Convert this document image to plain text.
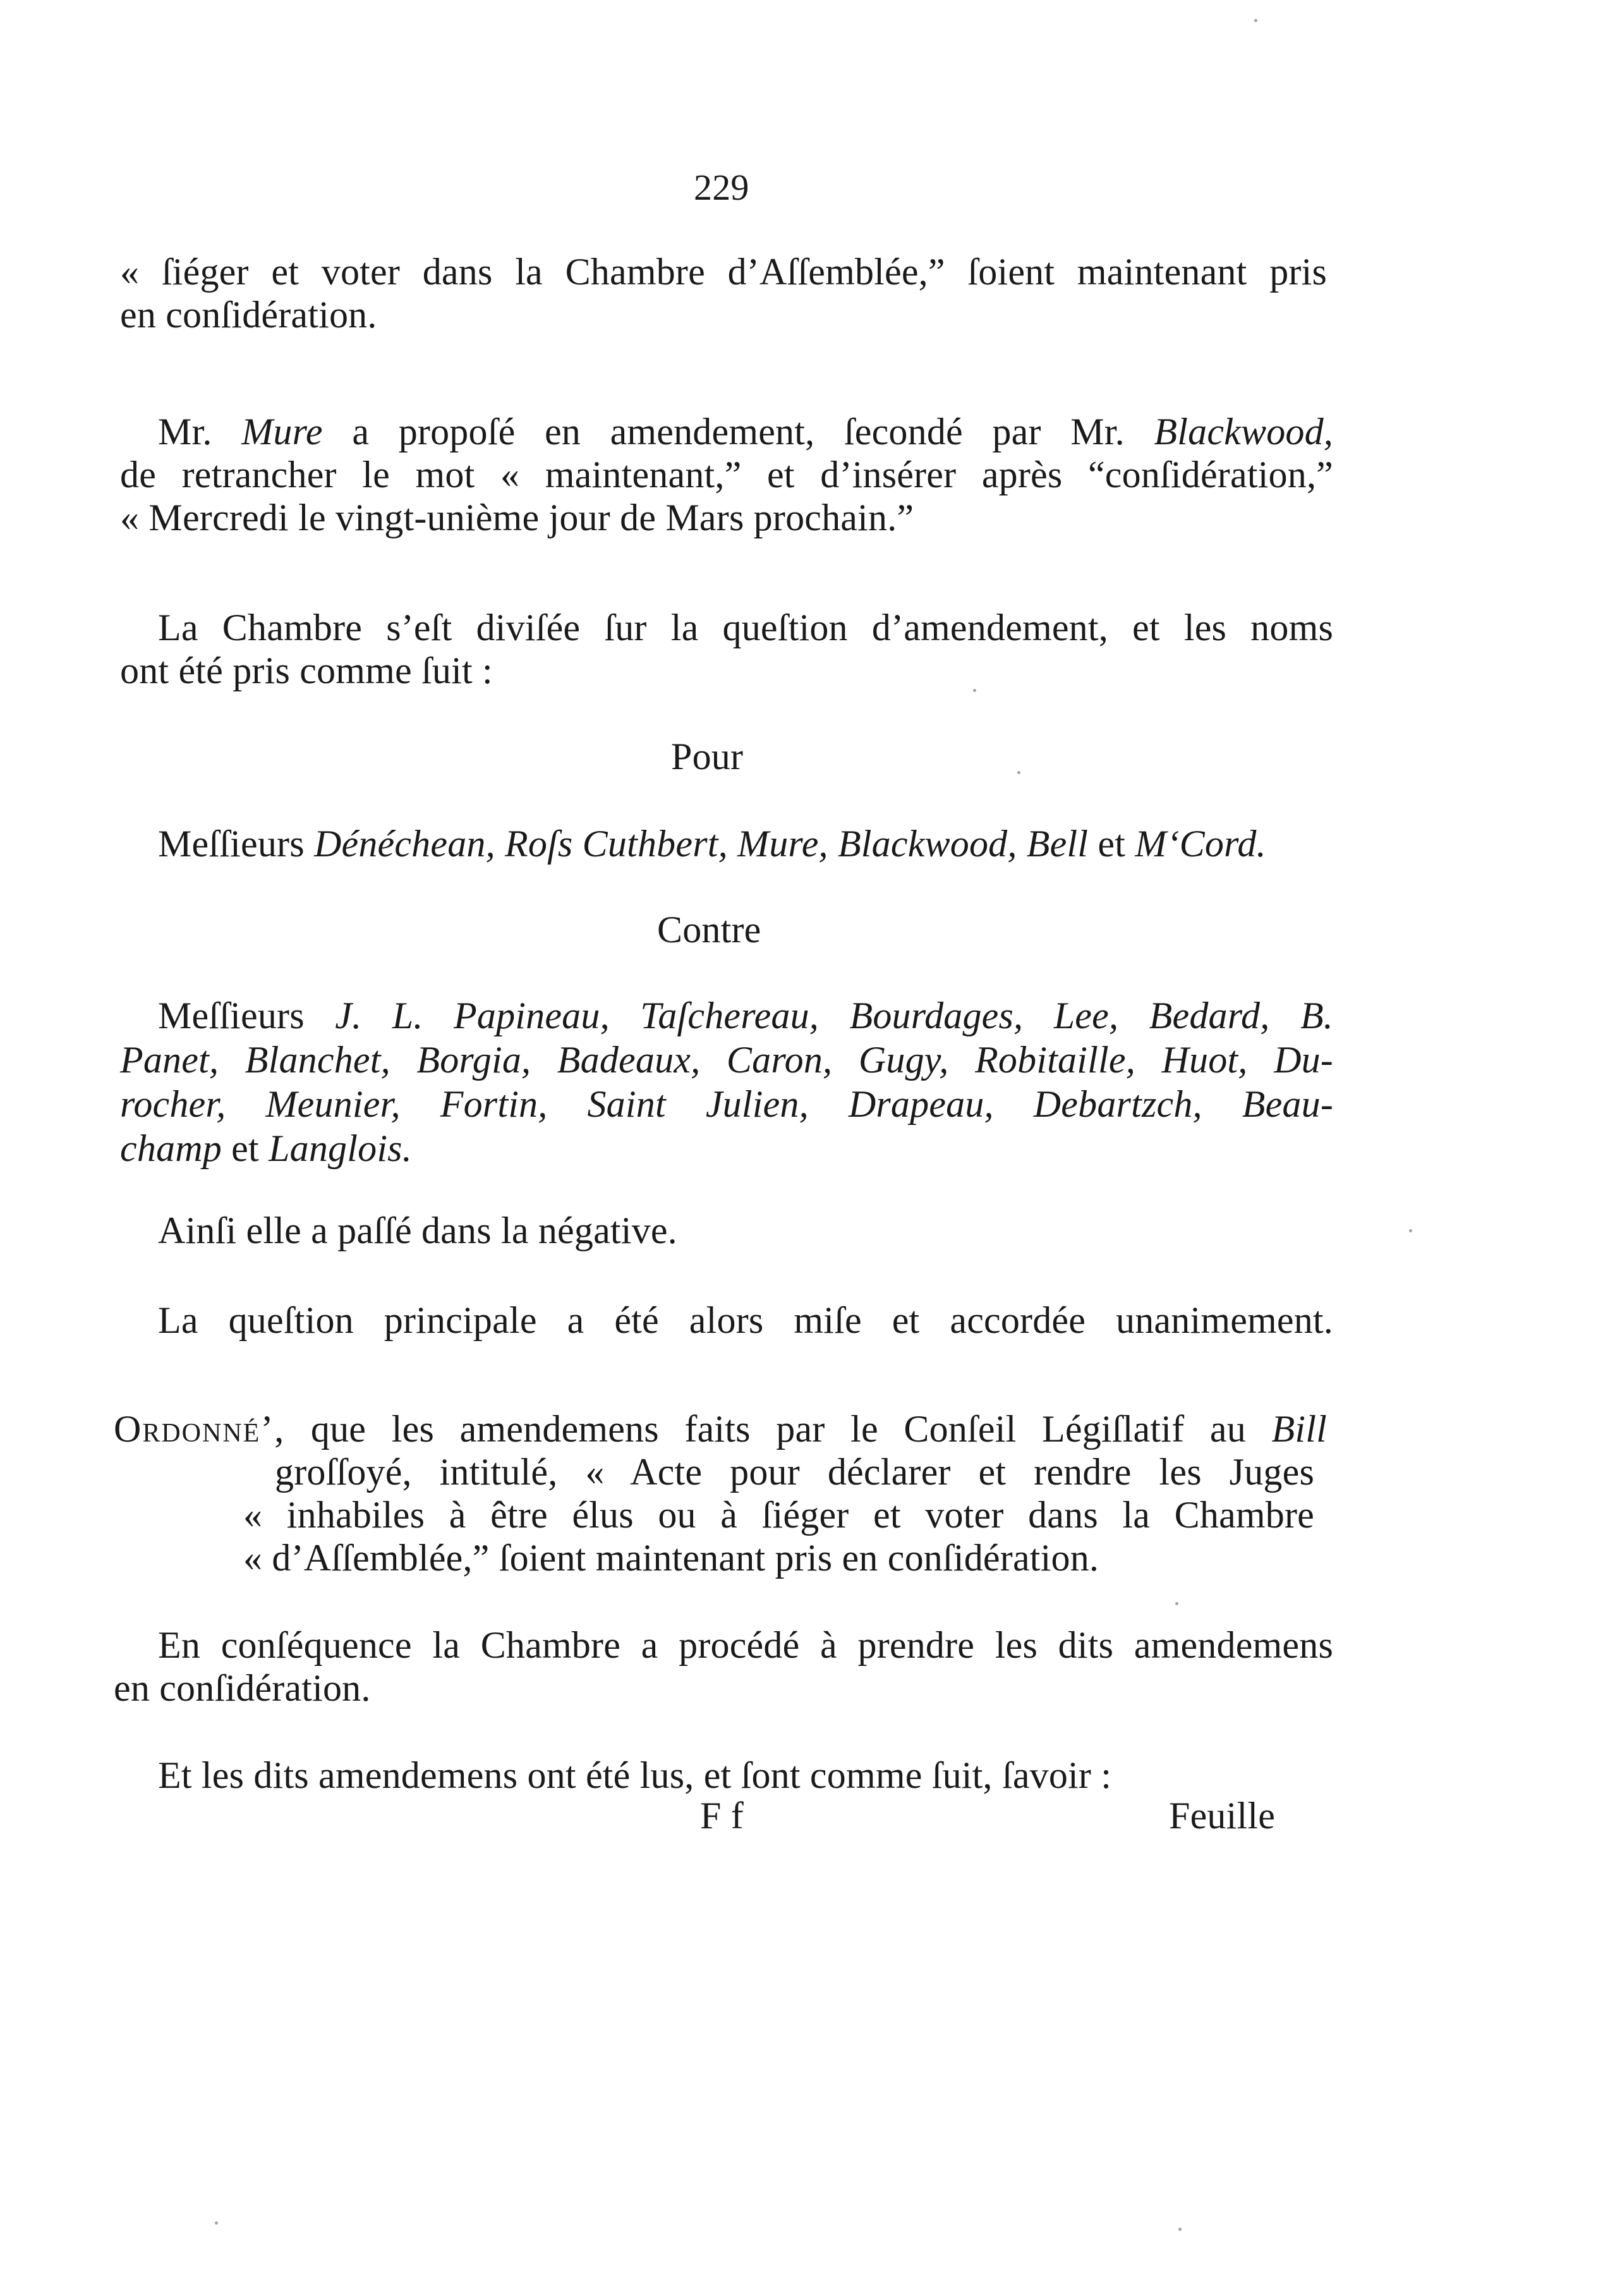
229
« ſiéger et voter dans la Chambre d’Aſſemblée,” ſoient maintenant pris
en conſidération.
Mr. Mure a propoſé en amendement, ſecondé par Mr. Blackwood,
de retrancher le mot « maintenant,” et d’insérer après “conſidération,”
« Mercredi le vingt-unième jour de Mars prochain.”
La Chambre s’eſt diviſée ſur la queſtion d’amendement, et les noms
ont été pris comme ſuit :
Pour
Meſſieurs Dénéchean, Roſs Cuthbert, Mure, Blackwood, Bell et M‘Cord.
Contre
Meſſieurs J. L. Papineau, Taſchereau, Bourdages, Lee, Bedard, B.
Panet, Blanchet, Borgia, Badeaux, Caron, Gugy, Robitaille, Huot, Du-
rocher, Meunier, Fortin, Saint Julien, Drapeau, Debartzch, Beau-
champ et Langlois.
Ainſi elle a paſſé dans la négative.
La queſtion principale a été alors miſe et accordée unanimement.
Ordonné’, que les amendemens faits par le Conſeil Légiſlatif au Bill
groſſoyé, intitulé, « Acte pour déclarer et rendre les Juges
« inhabiles à être élus ou à ſiéger et voter dans la Chambre
« d’Aſſemblée,” ſoient maintenant pris en conſidération.
En conſéquence la Chambre a procédé à prendre les dits amendemens
en conſidération.
Et les dits amendemens ont été lus, et ſont comme ſuit, ſavoir :
F f	Feuille
